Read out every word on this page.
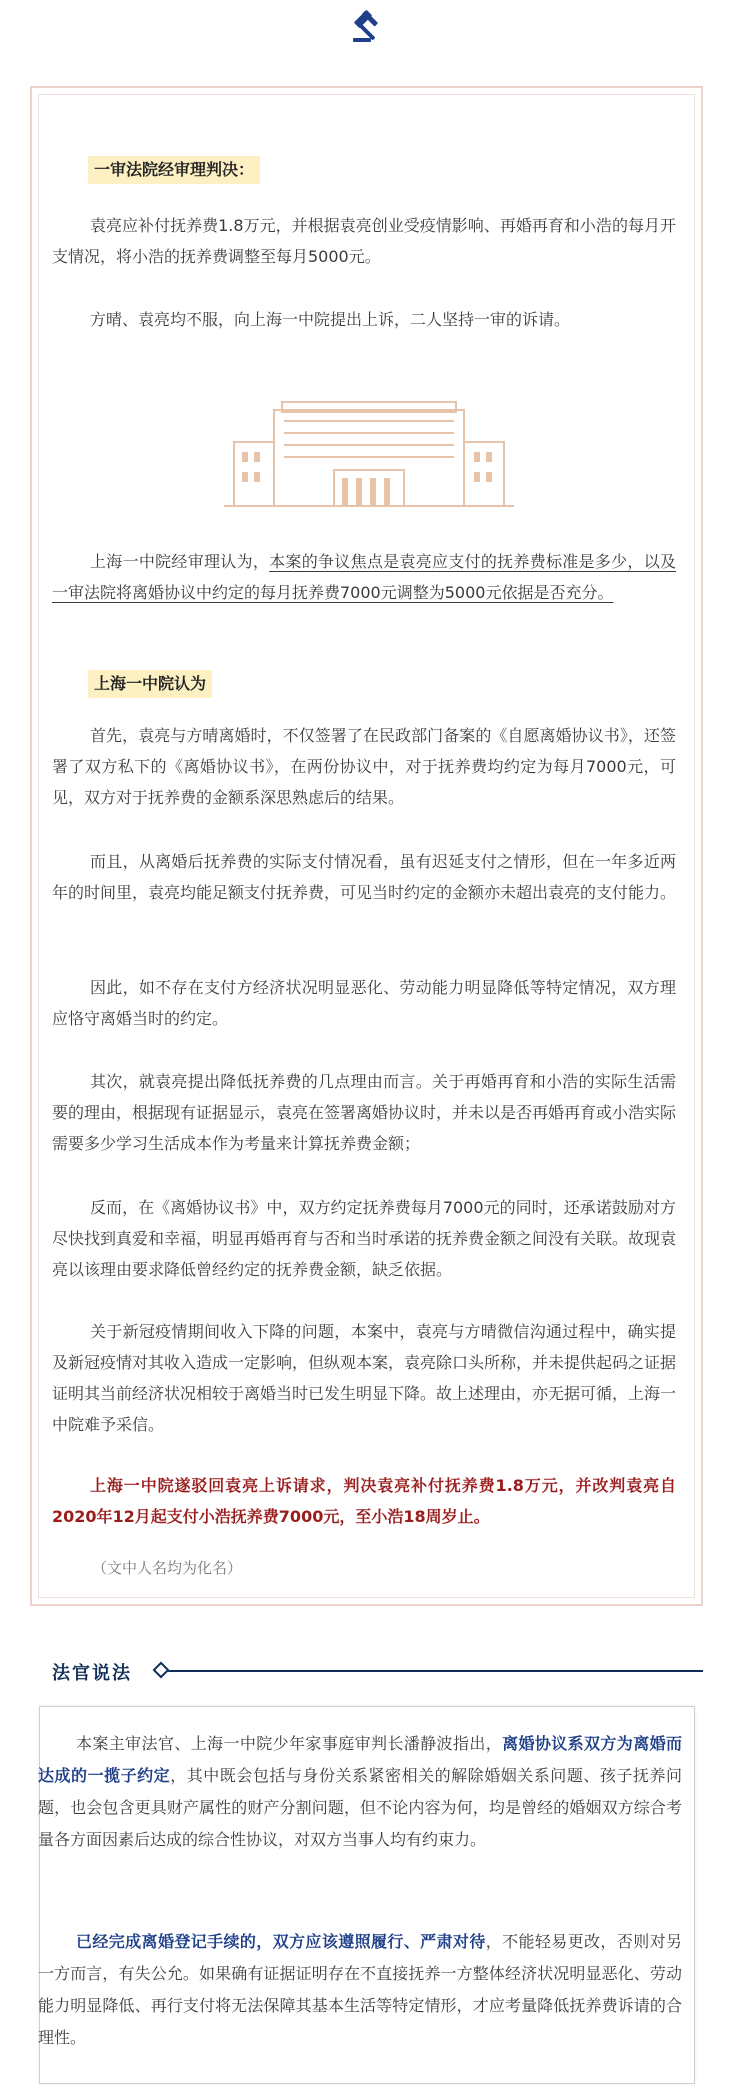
一审法院经审理判决：

袁亮应补付抚养费1.8万元，并根据袁亮创业受疫情影响、再婚再育和小浩的每月开支情况，将小浩的抚养费调整至每月5000元。

方晴、袁亮均不服，向上海一中院提出上诉，二人坚持一审的诉请。

上海一中院经审理认为，本案的争议焦点是袁亮应支付的抚养费标准是多少，以及一审法院将离婚协议中约定的每月抚养费7000元调整为5000元依据是否充分。

上海一中院认为

首先，袁亮与方晴离婚时，不仅签署了在民政部门备案的《自愿离婚协议书》，还签署了双方私下的《离婚协议书》，在两份协议中，对于抚养费均约定为每月7000元，可见，双方对于抚养费的金额系深思熟虑后的结果。

而且，从离婚后抚养费的实际支付情况看，虽有迟延支付之情形，但在一年多近两年的时间里，袁亮均能足额支付抚养费，可见当时约定的金额亦未超出袁亮的支付能力。

因此，如不存在支付方经济状况明显恶化、劳动能力明显降低等特定情况，双方理应恪守离婚当时的约定。

其次，就袁亮提出降低抚养费的几点理由而言。关于再婚再育和小浩的实际生活需要的理由，根据现有证据显示，袁亮在签署离婚协议时，并未以是否再婚再育或小浩实际需要多少学习生活成本作为考量来计算抚养费金额；

反而，在《离婚协议书》中，双方约定抚养费每月7000元的同时，还承诺鼓励对方尽快找到真爱和幸福，明显再婚再育与否和当时承诺的抚养费金额之间没有关联。故现袁亮以该理由要求降低曾经约定的抚养费金额，缺乏依据。

关于新冠疫情期间收入下降的问题，本案中，袁亮与方晴微信沟通过程中，确实提及新冠疫情对其收入造成一定影响，但纵观本案，袁亮除口头所称，并未提供起码之证据证明其当前经济状况相较于离婚当时已发生明显下降。故上述理由，亦无据可循，上海一中院难予采信。

上海一中院遂驳回袁亮上诉请求，判决袁亮补付抚养费1.8万元，并改判袁亮自2020年12月起支付小浩抚养费7000元，至小浩18周岁止。

（文中人名均为化名）
法官说法

本案主审法官、上海一中院少年家事庭审判长潘静波指出，离婚协议系双方为离婚而达成的一揽子约定，其中既会包括与身份关系紧密相关的解除婚姻关系问题、孩子抚养问题，也会包含更具财产属性的财产分割问题，但不论内容为何，均是曾经的婚姻双方综合考量各方面因素后达成的综合性协议，对双方当事人均有约束力。

已经完成离婚登记手续的，双方应该遵照履行、严肃对待，不能轻易更改，否则对另一方而言，有失公允。如果确有证据证明存在不直接抚养一方整体经济状况明显恶化、劳动能力明显降低、再行支付将无法保障其基本生活等特定情形，才应考量降低抚养费诉请的合理性。
